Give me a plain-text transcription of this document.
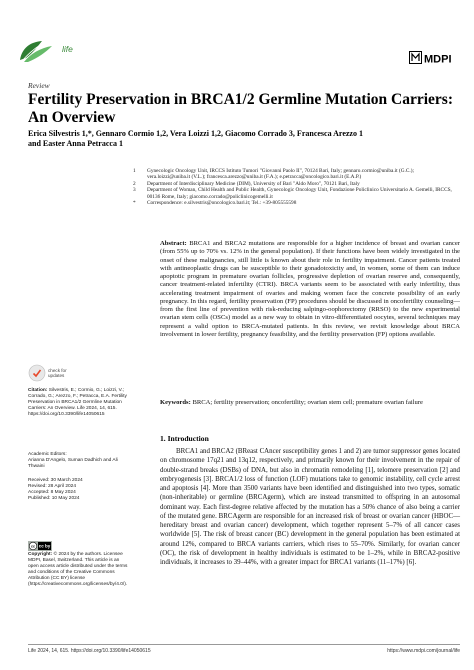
life
MDPI
Review
Fertility Preservation in BRCA1/2 Germline Mutation Carriers: An Overview
Erica Silvestris 1,*, Gennaro Cormio 1,2, Vera Loizzi 1,2, Giacomo Corrado 3, Francesca Arezzo 1
and Easter Anna Petracca 1
1	Gynecologic Oncology Unit, IRCCS Istituto Tumori "Giovanni Paolo II", 70124 Bari, Italy; gennaro.cormio@uniba.it (G.C.); vera.loizzi@uniba.it (V.L.); francesca.arezzo@uniba.it (F.A.); e.petracca@oncologico.bari.it (E.A.P.)
2	Department of Interdisciplinary Medicine (DIM), University of Bari "Aldo Moro", 70121 Bari, Italy
3	Department of Woman, Child Health and Public Health, Gynecologic Oncology Unit, Fondazione Policlinico Universitario A. Gemelli, IRCCS, 00136 Rome, Italy; giacomo.corrado@policlinicogemelli.it
*	Correspondence: e.silvestris@oncologico.bari.it; Tel.: +39-805555598
Abstract: BRCA1 and BRCA2 mutations are responsible for a higher incidence of breast and ovarian cancer (from 55% up to 70% vs. 12% in the general population). If their functions have been widely investigated in the onset of these malignancies, still little is known about their role in fertility impairment. Cancer patients treated with antineoplastic drugs can be susceptible to their gonadotoxicity and, in women, some of them can induce apoptotic program in premature ovarian follicles, progressive depletion of ovarian reserve and, consequently, cancer treatment-related infertility (CTRI). BRCA variants seem to be associated with early infertility, thus accelerating treatment impairment of ovaries and making women face the concrete possibility of an early pregnancy. In this regard, fertility preservation (FP) procedures should be discussed in oncofertility counseling—from the first line of prevention with risk-reducing salpingo-oophorectomy (RRSO) to the new experimental ovarian stem cells (OSCs) model as a new way to obtain in vitro-differentiated oocytes, several techniques may represent a valid option to BRCA-mutated patients. In this review, we revisit knowledge about BRCA involvement in lower fertility, pregnancy feasibility, and the fertility preservation (FP) options available.
Keywords: BRCA; fertility preservation; oncofertility; ovarian stem cell; premature ovarian failure
check for updates
Citation: Silvestris, E.; Cormio, G.; Loizzi, V.; Corrado, G.; Arezzo, F.; Petracca, E.A. Fertility Preservation in BRCA1/2 Germline Mutation Carriers: An Overview. Life 2024, 14, 615. https://doi.org/10.3390/life14050615
Academic Editors:
Arianna D'Angelo, Suman Dadhich and Ali Thwaini
Received: 30 March 2024
Revised: 28 April 2024
Accepted: 8 May 2024
Published: 10 May 2024
cc cc by
Copyright: © 2024 by the authors. Licensee MDPI, Basel, Switzerland. This article is an open access article distributed under the terms and conditions of the Creative Commons Attribution (CC BY) license (https://creativecommons.org/licenses/by/4.0/).
1. Introduction
BRCA1 and BRCA2 (BReast CAncer susceptibility genes 1 and 2) are tumor suppressor genes located on chromosome 17q21 and 13q12, respectively, and primarily known for their involvement in the repair of double-strand breaks (DSBs) of DNA, but also in chromatin remodeling [1], telomere preservation [2] and embryogenesis [3]. BRCA1/2 loss of function (LOF) mutations take to genomic instability, cell cycle arrest and apoptosis [4]. More than 3500 variants have been identified and distinguished into two types, somatic (non-inheritable) or germline (BRCAgerm), which are instead transmitted to offspring in an autosomal dominant way. Each first-degree relative affected by the mutation has a 50% chance of also being a carrier of the mutated gene. BRCAgerm are responsible for an increased risk of breast or ovarian cancer (HBOC—hereditary breast and ovarian cancer) development, which together represent 5–7% of all cancer cases worldwide [5]. The risk of breast cancer (BC) development in the general population has been estimated at around 12%, compared to BRCA variants carriers, which rises to 55–70%. Similarly, for ovarian cancer (OC), the risk of development in healthy individuals is estimated to be 1–2%, while in BRCA2-positive individuals, it increases to 39–44%, with a greater impact for BRCA1 variants (11–17%) [6].
Life 2024, 14, 615. https://doi.org/10.3390/life14050615	https://www.mdpi.com/journal/life
